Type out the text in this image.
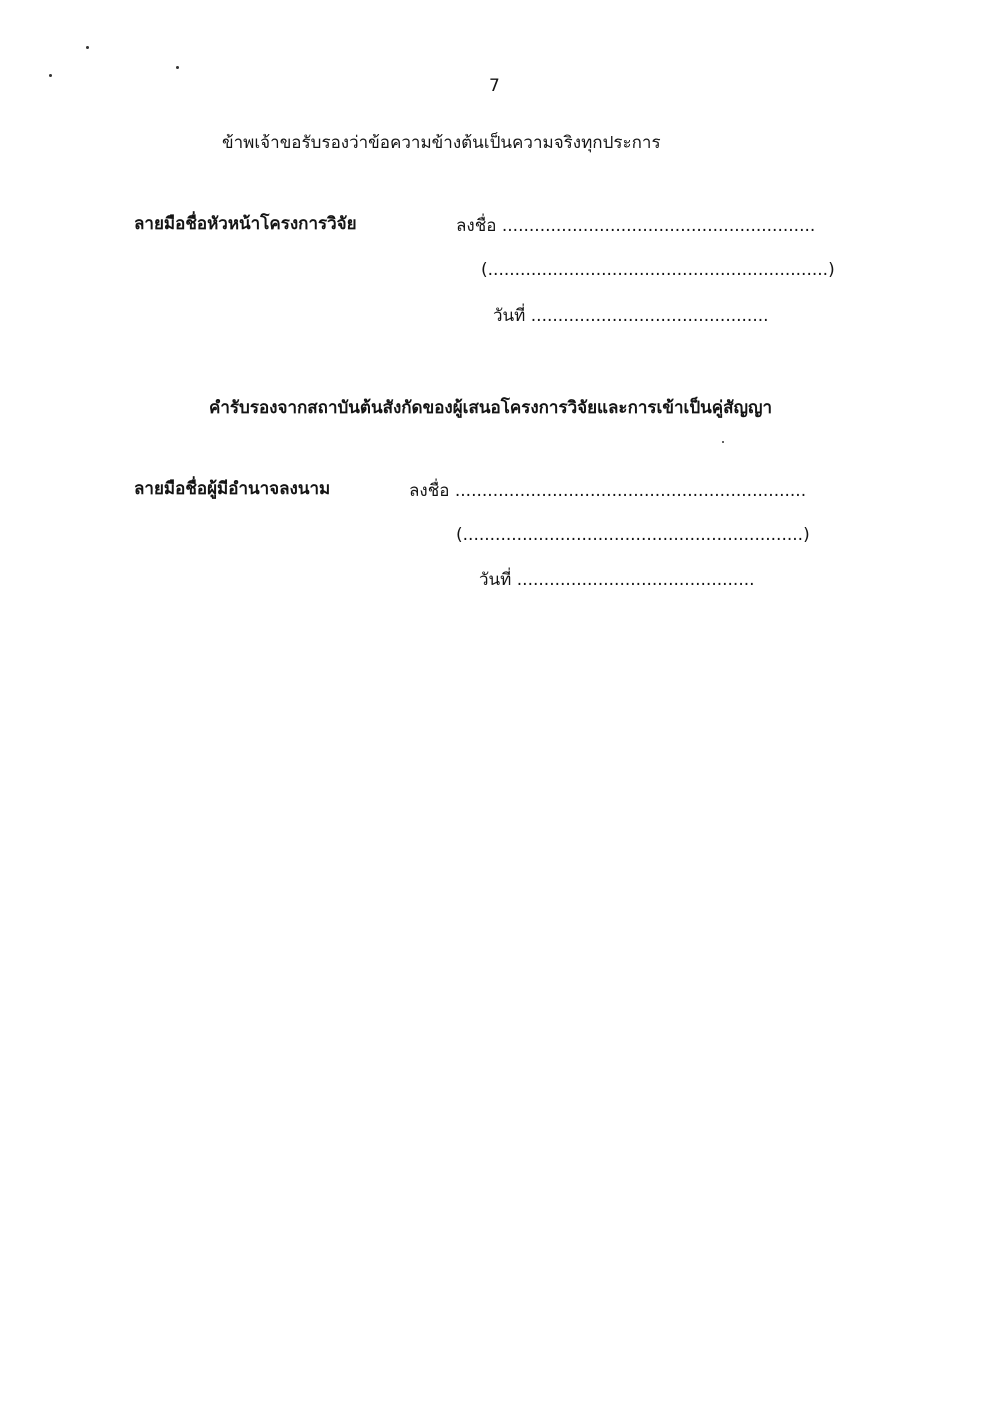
7
ข้าพเจ้าขอรับรองว่าข้อความข้างต้นเป็นความจริงทุกประการ
ลายมือชื่อหัวหน้าโครงการวิจัย	ลงชื่อ ..........................................................
(...............................................................)
วันที่ ............................................
คำรับรองจากสถาบันต้นสังกัดของผู้เสนอโครงการวิจัยและการเข้าเป็นคู่สัญญา
ลายมือชื่อผู้มีอำนาจลงนาม	ลงชื่อ .................................................................
(...............................................................)
วันที่ ............................................
